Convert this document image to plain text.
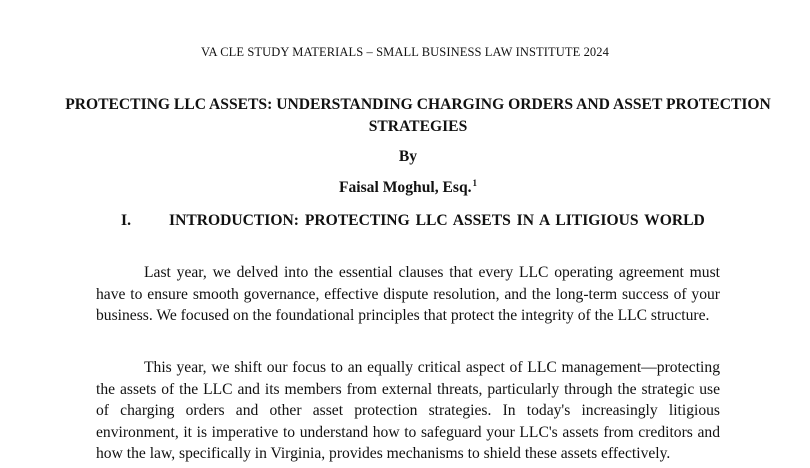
VA CLE STUDY MATERIALS – SMALL BUSINESS LAW INSTITUTE 2024
PROTECTING LLC ASSETS: UNDERSTANDING CHARGING ORDERS AND ASSET PROTECTION STRATEGIES
By
Faisal Moghul, Esq.$^1$
I. INTRODUCTION: PROTECTING LLC ASSETS IN A LITIGIOUS WORLD

Last year, we delved into the essential clauses that every LLC operating agreement must have to ensure smooth governance, effective dispute resolution, and the long-term success of your business. We focused on the foundational principles that protect the integrity of the LLC structure.

This year, we shift our focus to an equally critical aspect of LLC management—protecting the assets of the LLC and its members from external threats, particularly through the strategic use of charging orders and other asset protection strategies. In today's increasingly litigious environment, it is imperative to understand how to safeguard your LLC's assets from creditors and how the law, specifically in Virginia, provides mechanisms to shield these assets effectively.
